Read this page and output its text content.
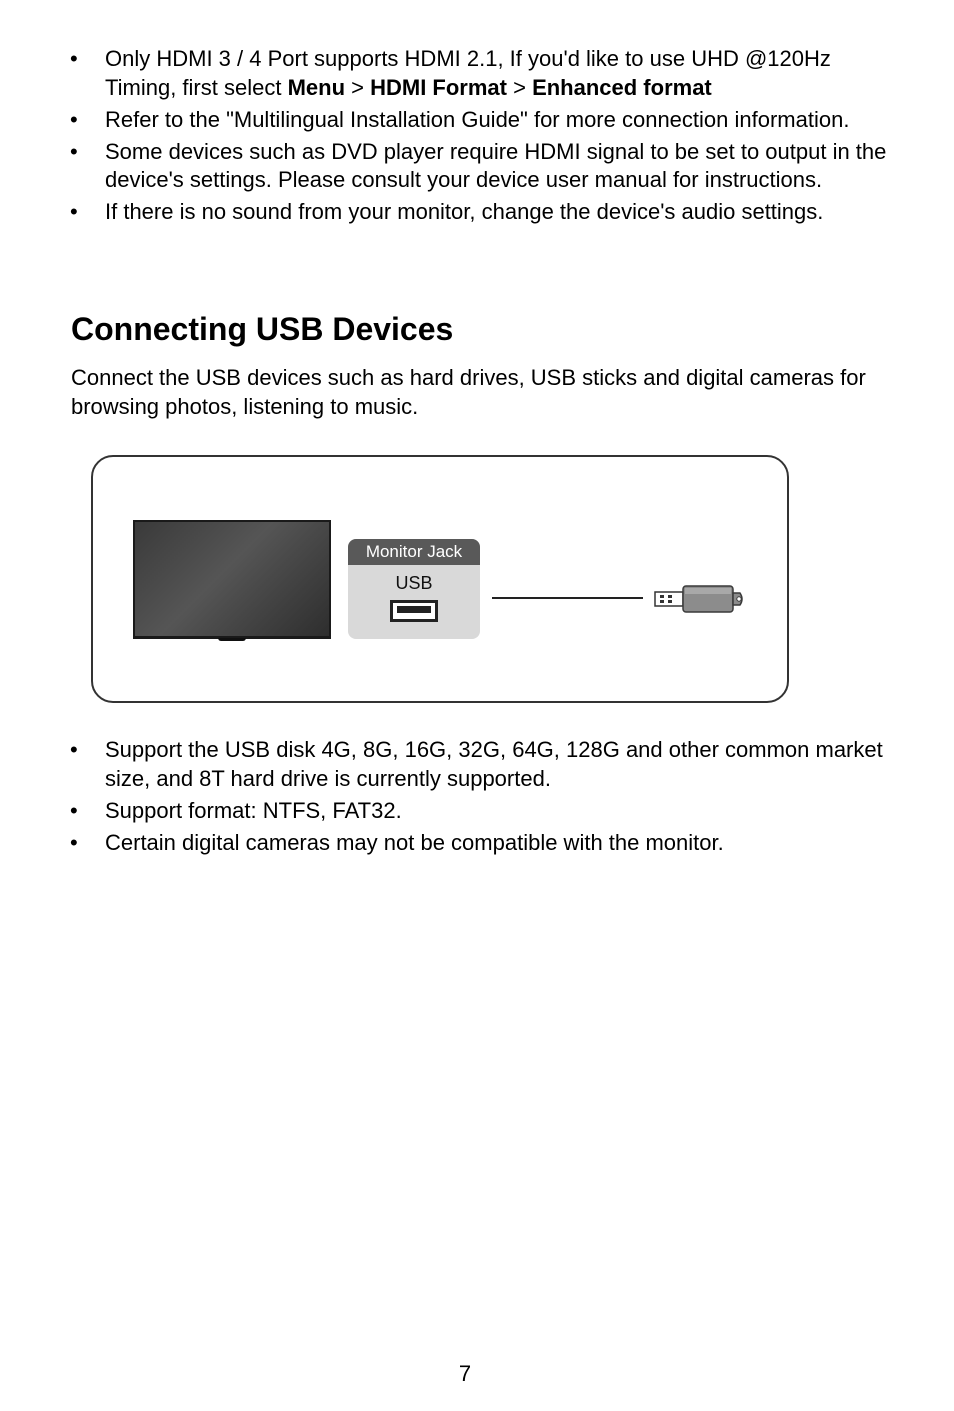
• Only HDMI 3 / 4 Port supports HDMI 2.1, If you'd like to use UHD @120Hz Timing, first select Menu > HDMI Format > Enhanced format
• Refer to the "Multilingual Installation Guide" for more connection information.
• Some devices such as DVD player require HDMI signal to be set to output in the device's settings. Please consult your device user manual for instructions.
• If there is no sound from your monitor, change the device's audio settings.
Connecting USB Devices

Connect the USB devices such as hard drives, USB sticks and digital cameras for browsing photos, listening to music.

Monitor Jack
USB
• Support the USB disk 4G, 8G, 16G, 32G, 64G, 128G and other common market size, and 8T hard drive is currently supported.
• Support format: NTFS, FAT32.
• Certain digital cameras may not be compatible with the monitor.
7
